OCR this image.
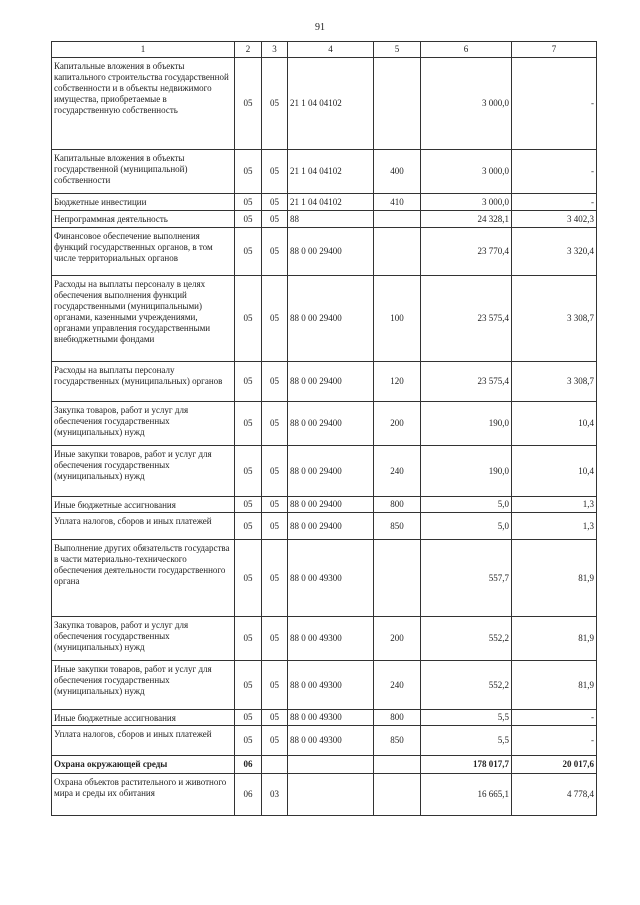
91
1	2	3	4	5	6	7
Капитальные вложения в объекты капитального строительства государственной собственности и в объекты недвижимого имущества, приобретаемые в государственную собственность	05	05	21 1 04 04102		3 000,0	-
Капитальные вложения в объекты государственной (муниципальной) собственности	05	05	21 1 04 04102	400	3 000,0	-
Бюджетные инвестиции	05	05	21 1 04 04102	410	3 000,0	-
Непрограммная деятельность	05	05	88		24 328,1	3 402,3
Финансовое обеспечение выполнения функций государственных органов, в том числе территориальных органов	05	05	88 0 00 29400		23 770,4	3 320,4
Расходы на выплаты персоналу в целях обеспечения выполнения функций государственными (муниципальными) органами, казенными учреждениями, органами управления государственными внебюджетными фондами	05	05	88 0 00 29400	100	23 575,4	3 308,7
Расходы на выплаты персоналу государственных (муниципальных) органов	05	05	88 0 00 29400	120	23 575,4	3 308,7
Закупка товаров, работ и услуг для обеспечения государственных (муниципальных) нужд	05	05	88 0 00 29400	200	190,0	10,4
Иные закупки товаров, работ и услуг для обеспечения государственных (муниципальных) нужд	05	05	88 0 00 29400	240	190,0	10,4
Иные бюджетные ассигнования	05	05	88 0 00 29400	800	5,0	1,3
Уплата налогов, сборов и иных платежей	05	05	88 0 00 29400	850	5,0	1,3
Выполнение других обязательств государства в части материально-технического обеспечения деятельности государственного органа	05	05	88 0 00 49300		557,7	81,9
Закупка товаров, работ и услуг для обеспечения государственных (муниципальных) нужд	05	05	88 0 00 49300	200	552,2	81,9
Иные закупки товаров, работ и услуг для обеспечения государственных (муниципальных) нужд	05	05	88 0 00 49300	240	552,2	81,9
Иные бюджетные ассигнования	05	05	88 0 00 49300	800	5,5	-
Уплата налогов, сборов и иных платежей	05	05	88 0 00 49300	850	5,5	-
Охрана окружающей среды	06				178 017,7	20 017,6
Охрана объектов растительного и животного мира и среды их обитания	06	03			16 665,1	4 778,4
